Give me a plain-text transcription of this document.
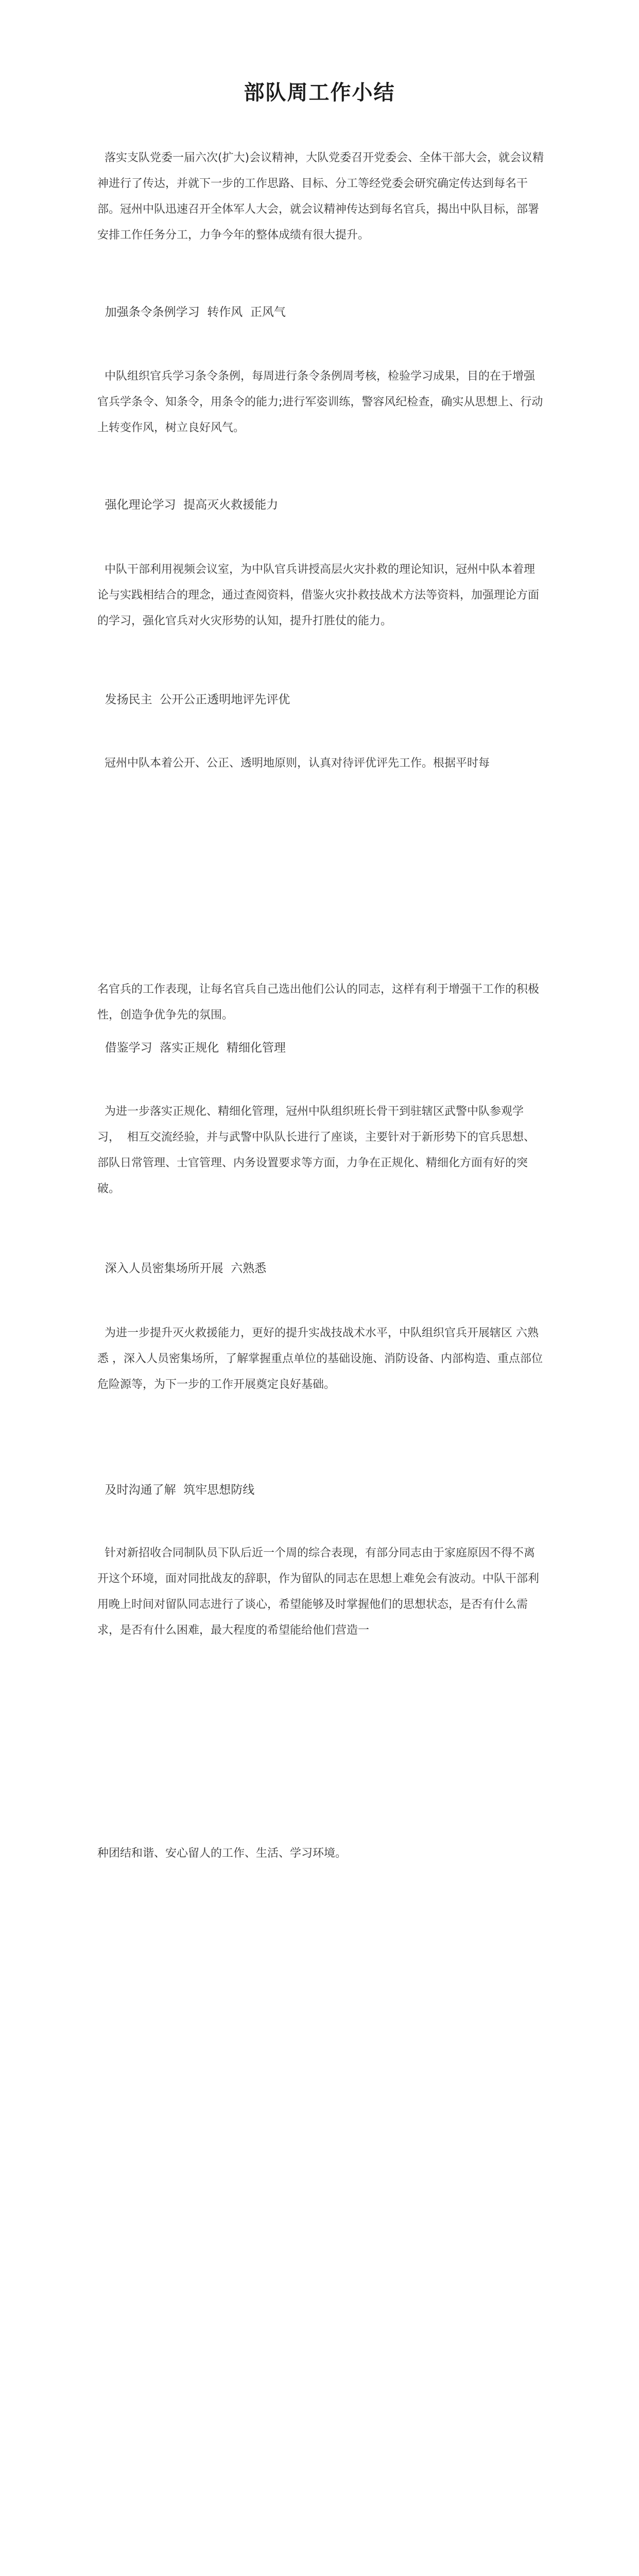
部队周工作小结

落实支队党委一届六次(扩大)会议精神，大队党委召开党委会、全体干部大会，就会议精神进行了传达，并就下一步的工作思路、目标、分工等经党委会研究确定传达到每名干部。冠州中队迅速召开全体军人大会，就会议精神传达到每名官兵，揭出中队目标，部署安排工作任务分工，力争今年的整体成绩有很大提升。

加强条令条例学习  转作风  正风气

中队组织官兵学习条令条例，每周进行条令条例周考核，检验学习成果，目的在于增强官兵学条令、知条令，用条令的能力;进行军姿训练，警容风纪检查，确实从思想上、行动上转变作风，树立良好风气。

强化理论学习  提高灭火救援能力

中队干部利用视频会议室，为中队官兵讲授高层火灾扑救的理论知识，冠州中队本着理论与实践相结合的理念，通过查阅资料，借鉴火灾扑救技战术方法等资料，加强理论方面的学习，强化官兵对火灾形势的认知，提升打胜仗的能力。

发扬民主  公开公正透明地评先评优

冠州中队本着公开、公正、透明地原则，认真对待评优评先工作。根据平时每

名官兵的工作表现，让每名官兵自己选出他们公认的同志，这样有利于增强干工作的积极性，创造争优争先的氛围。

借鉴学习  落实正规化  精细化管理

为进一步落实正规化、精细化管理，冠州中队组织班长骨干到驻辖区武警中队参观学习，  相互交流经验，并与武警中队队长进行了座谈，主要针对于新形势下的官兵思想、部队日常管理、士官管理、内务设置要求等方面，力争在正规化、精细化方面有好的突破。

深入人员密集场所开展  六熟悉

为进一步提升灭火救援能力，更好的提升实战技战术水平，中队组织官兵开展辖区 六熟悉 ，深入人员密集场所，了解掌握重点单位的基础设施、消防设备、内部构造、重点部位危险源等，为下一步的工作开展奠定良好基础。

及时沟通了解  筑牢思想防线

针对新招收合同制队员下队后近一个周的综合表现，有部分同志由于家庭原因不得不离开这个环境，面对同批战友的辞职，作为留队的同志在思想上难免会有波动。中队干部利用晚上时间对留队同志进行了谈心，希望能够及时掌握他们的思想状态，是否有什么需求，是否有什么困难，最大程度的希望能给他们营造一

种团结和谐、安心留人的工作、生活、学习环境。
